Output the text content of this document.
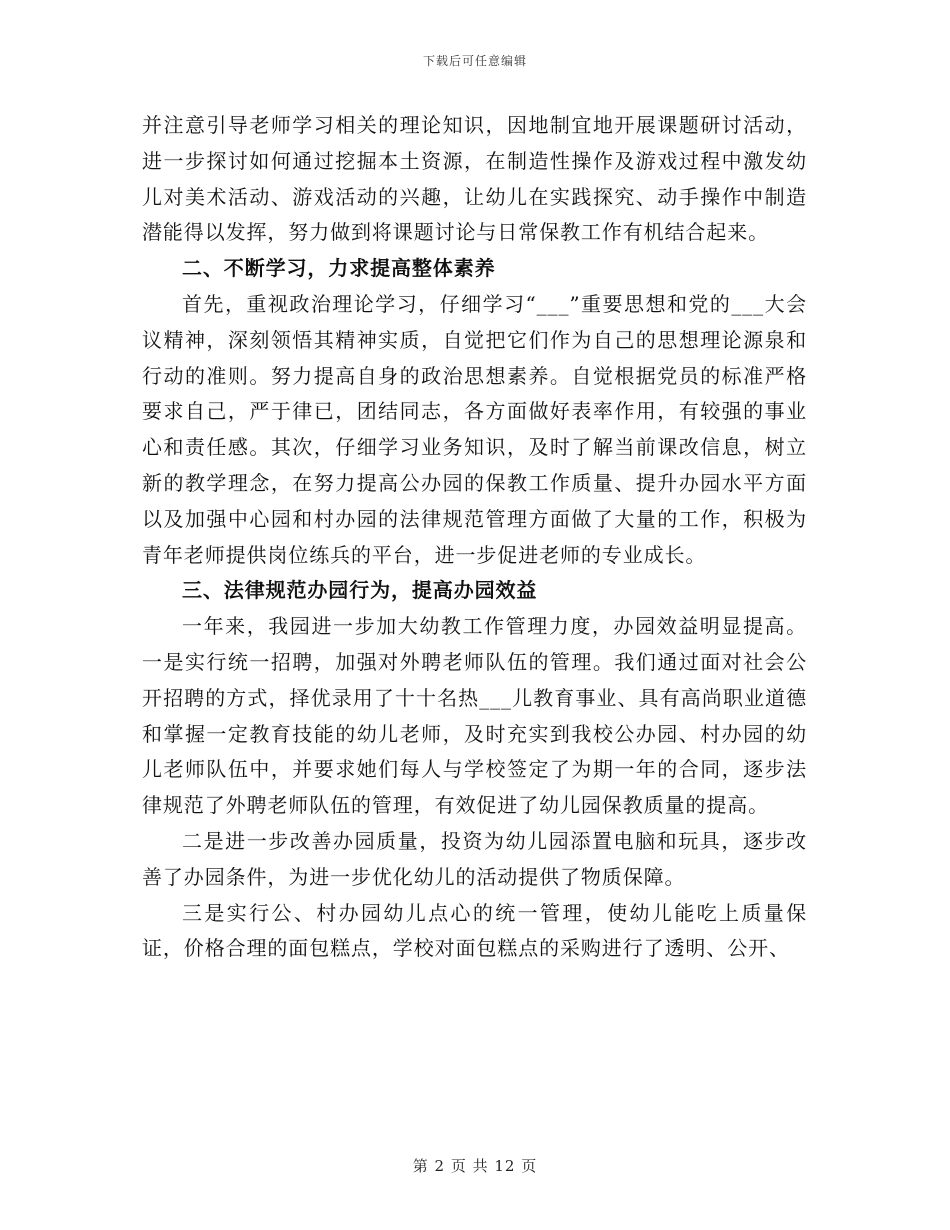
下载后可任意编辑

并注意引导老师学习相关的理论知识，因地制宜地开展课题研讨活动，进一步探讨如何通过挖掘本土资源，在制造性操作及游戏过程中激发幼儿对美术活动、游戏活动的兴趣，让幼儿在实践探究、动手操作中制造潜能得以发挥，努力做到将课题讨论与日常保教工作有机结合起来。

二、不断学习，力求提高整体素养

首先，重视政治理论学习，仔细学习“___”重要思想和党的___大会议精神，深刻领悟其精神实质，自觉把它们作为自己的思想理论源泉和行动的准则。努力提高自身的政治思想素养。自觉根据党员的标准严格要求自己，严于律已，团结同志，各方面做好表率作用，有较强的事业心和责任感。其次，仔细学习业务知识，及时了解当前课改信息，树立新的教学理念，在努力提高公办园的保教工作质量、提升办园水平方面以及加强中心园和村办园的法律规范管理方面做了大量的工作，积极为青年老师提供岗位练兵的平台，进一步促进老师的专业成长。

三、法律规范办园行为，提高办园效益

一年来，我园进一步加大幼教工作管理力度，办园效益明显提高。一是实行统一招聘，加强对外聘老师队伍的管理。我们通过面对社会公开招聘的方式，择优录用了十十名热___儿教育事业、具有高尚职业道德和掌握一定教育技能的幼儿老师，及时充实到我校公办园、村办园的幼儿老师队伍中，并要求她们每人与学校签定了为期一年的合同，逐步法律规范了外聘老师队伍的管理，有效促进了幼儿园保教质量的提高。

二是进一步改善办园质量，投资为幼儿园添置电脑和玩具，逐步改善了办园条件，为进一步优化幼儿的活动提供了物质保障。

三是实行公、村办园幼儿点心的统一管理，使幼儿能吃上质量保证，价格合理的面包糕点，学校对面包糕点的采购进行了透明、公开、

第 2 页 共 12 页
